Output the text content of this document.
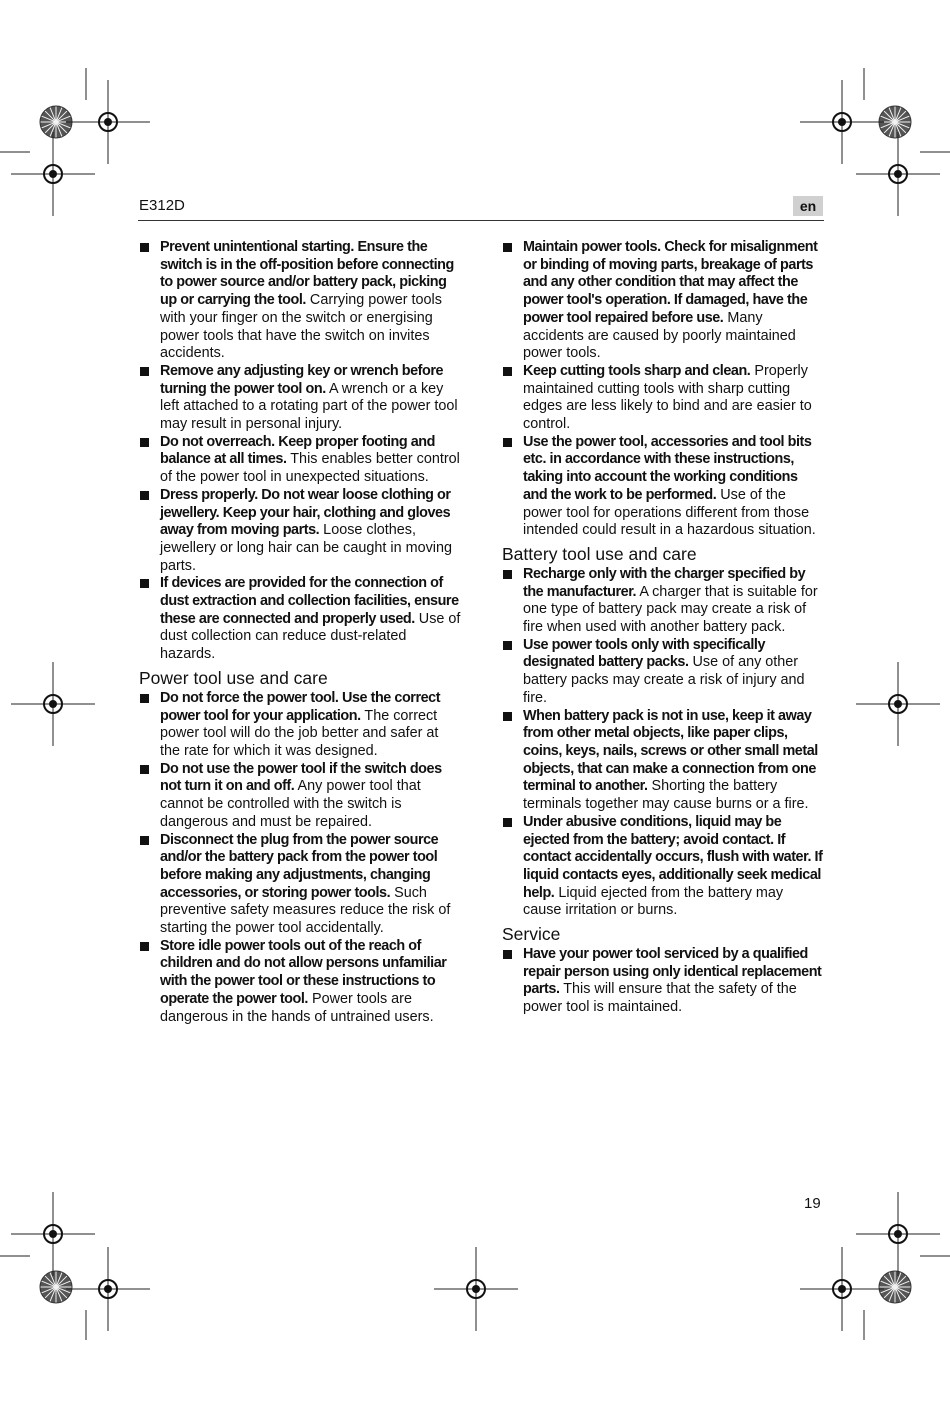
E312D	en
Prevent unintentional starting. Ensure the switch is in the off-position before connecting to power source and/or battery pack, picking up or carrying the tool. Carrying power tools with your finger on the switch or energising power tools that have the switch on invites accidents.
Remove any adjusting key or wrench before turning the power tool on. A wrench or a key left attached to a rotating part of the power tool may result in personal injury.
Do not overreach. Keep proper footing and balance at all times. This enables better control of the power tool in unexpected situations.
Dress properly. Do not wear loose clothing or jewellery. Keep your hair, clothing and gloves away from moving parts. Loose clothes, jewellery or long hair can be caught in moving parts.
If devices are provided for the connection of dust extraction and collection facilities, ensure these are connected and properly used. Use of dust collection can reduce dust-related hazards.
Power tool use and care
Do not force the power tool. Use the correct power tool for your application. The correct power tool will do the job better and safer at the rate for which it was designed.
Do not use the power tool if the switch does not turn it on and off. Any power tool that cannot be controlled with the switch is dangerous and must be repaired.
Disconnect the plug from the power source and/or the battery pack from the power tool before making any adjustments, changing accessories, or storing power tools. Such preventive safety measures reduce the risk of starting the power tool accidentally.
Store idle power tools out of the reach of children and do not allow persons unfamiliar with the power tool or these instructions to operate the power tool. Power tools are dangerous in the hands of untrained users.
Maintain power tools. Check for misalignment or binding of moving parts, breakage of parts and any other condition that may affect the power tool's operation. If damaged, have the power tool repaired before use. Many accidents are caused by poorly maintained power tools.
Keep cutting tools sharp and clean. Properly maintained cutting tools with sharp cutting edges are less likely to bind and are easier to control.
Use the power tool, accessories and tool bits etc. in accordance with these instructions, taking into account the working conditions and the work to be performed. Use of the power tool for operations different from those intended could result in a hazardous situation.
Battery tool use and care
Recharge only with the charger specified by the manufacturer. A charger that is suitable for one type of battery pack may create a risk of fire when used with another battery pack.
Use power tools only with specifically designated battery packs. Use of any other battery packs may create a risk of injury and fire.
When battery pack is not in use, keep it away from other metal objects, like paper clips, coins, keys, nails, screws or other small metal objects, that can make a connection from one terminal to another. Shorting the battery terminals together may cause burns or a fire.
Under abusive conditions, liquid may be ejected from the battery; avoid contact. If contact accidentally occurs, flush with water. If liquid contacts eyes, additionally seek medical help. Liquid ejected from the battery may cause irritation or burns.
Service
Have your power tool serviced by a qualified repair person using only identical replacement parts. This will ensure that the safety of the power tool is maintained.
19
